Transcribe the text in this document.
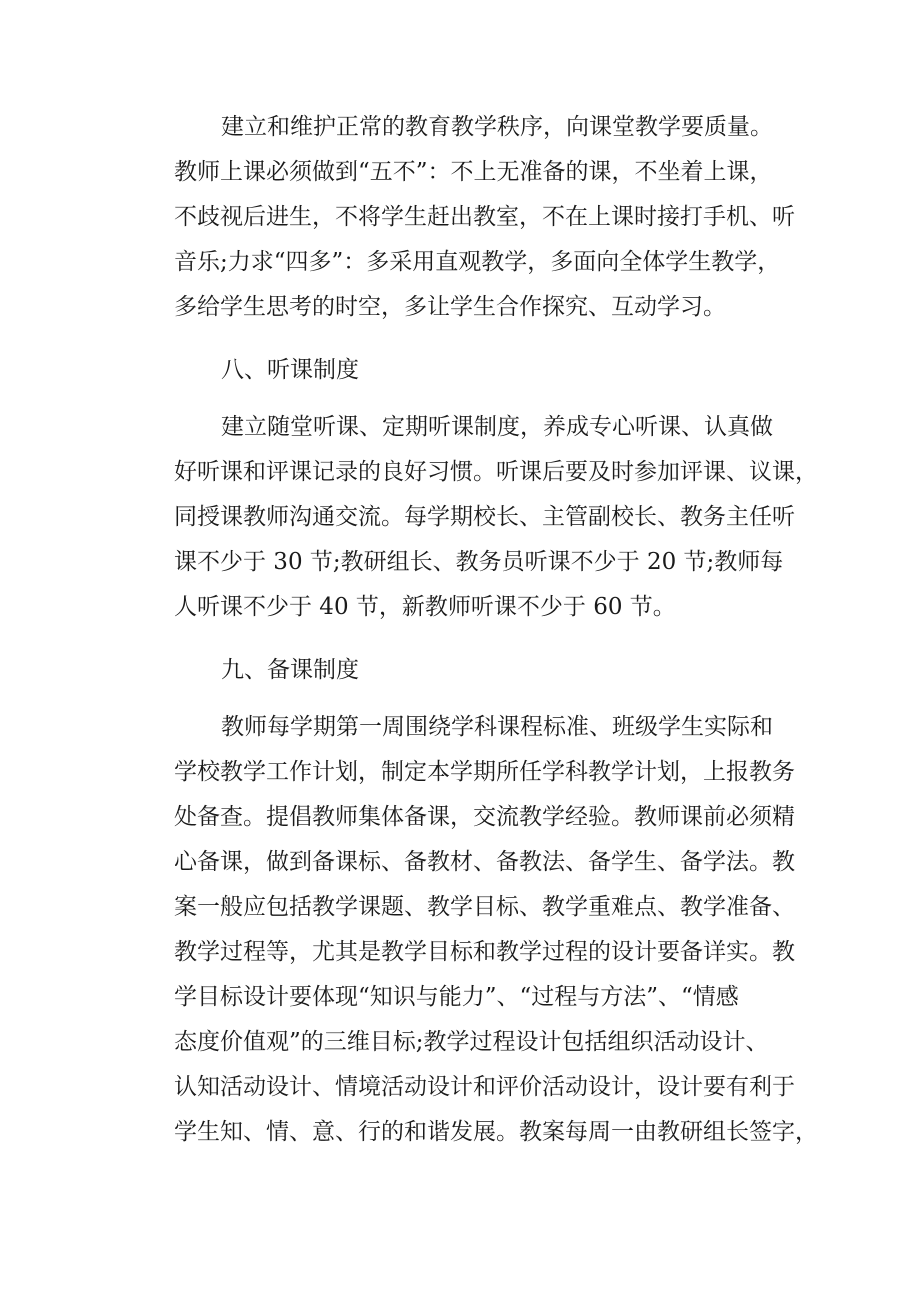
建立和维护正常的教育教学秩序，向课堂教学要质量。
教师上课必须做到“五不”：不上无准备的课，不坐着上课，
不歧视后进生，不将学生赶出教室，不在上课时接打手机、听
音乐;力求“四多”：多采用直观教学，多面向全体学生教学，
多给学生思考的时空，多让学生合作探究、互动学习。
八、听课制度
建立随堂听课、定期听课制度，养成专心听课、认真做
好听课和评课记录的良好习惯。听课后要及时参加评课、议课，
同授课教师沟通交流。每学期校长、主管副校长、教务主任听
课不少于 30 节;教研组长、教务员听课不少于 20 节;教师每
人听课不少于 40 节，新教师听课不少于 60 节。
九、备课制度
教师每学期第一周围绕学科课程标准、班级学生实际和
学校教学工作计划，制定本学期所任学科教学计划，上报教务
处备查。提倡教师集体备课，交流教学经验。教师课前必须精
心备课，做到备课标、备教材、备教法、备学生、备学法。教
案一般应包括教学课题、教学目标、教学重难点、教学准备、
教学过程等，尤其是教学目标和教学过程的设计要备详实。教
学目标设计要体现“知识与能力”、“过程与方法”、“情感
态度价值观”的三维目标;教学过程设计包括组织活动设计、
认知活动设计、情境活动设计和评价活动设计，设计要有利于
学生知、情、意、行的和谐发展。教案每周一由教研组长签字，
